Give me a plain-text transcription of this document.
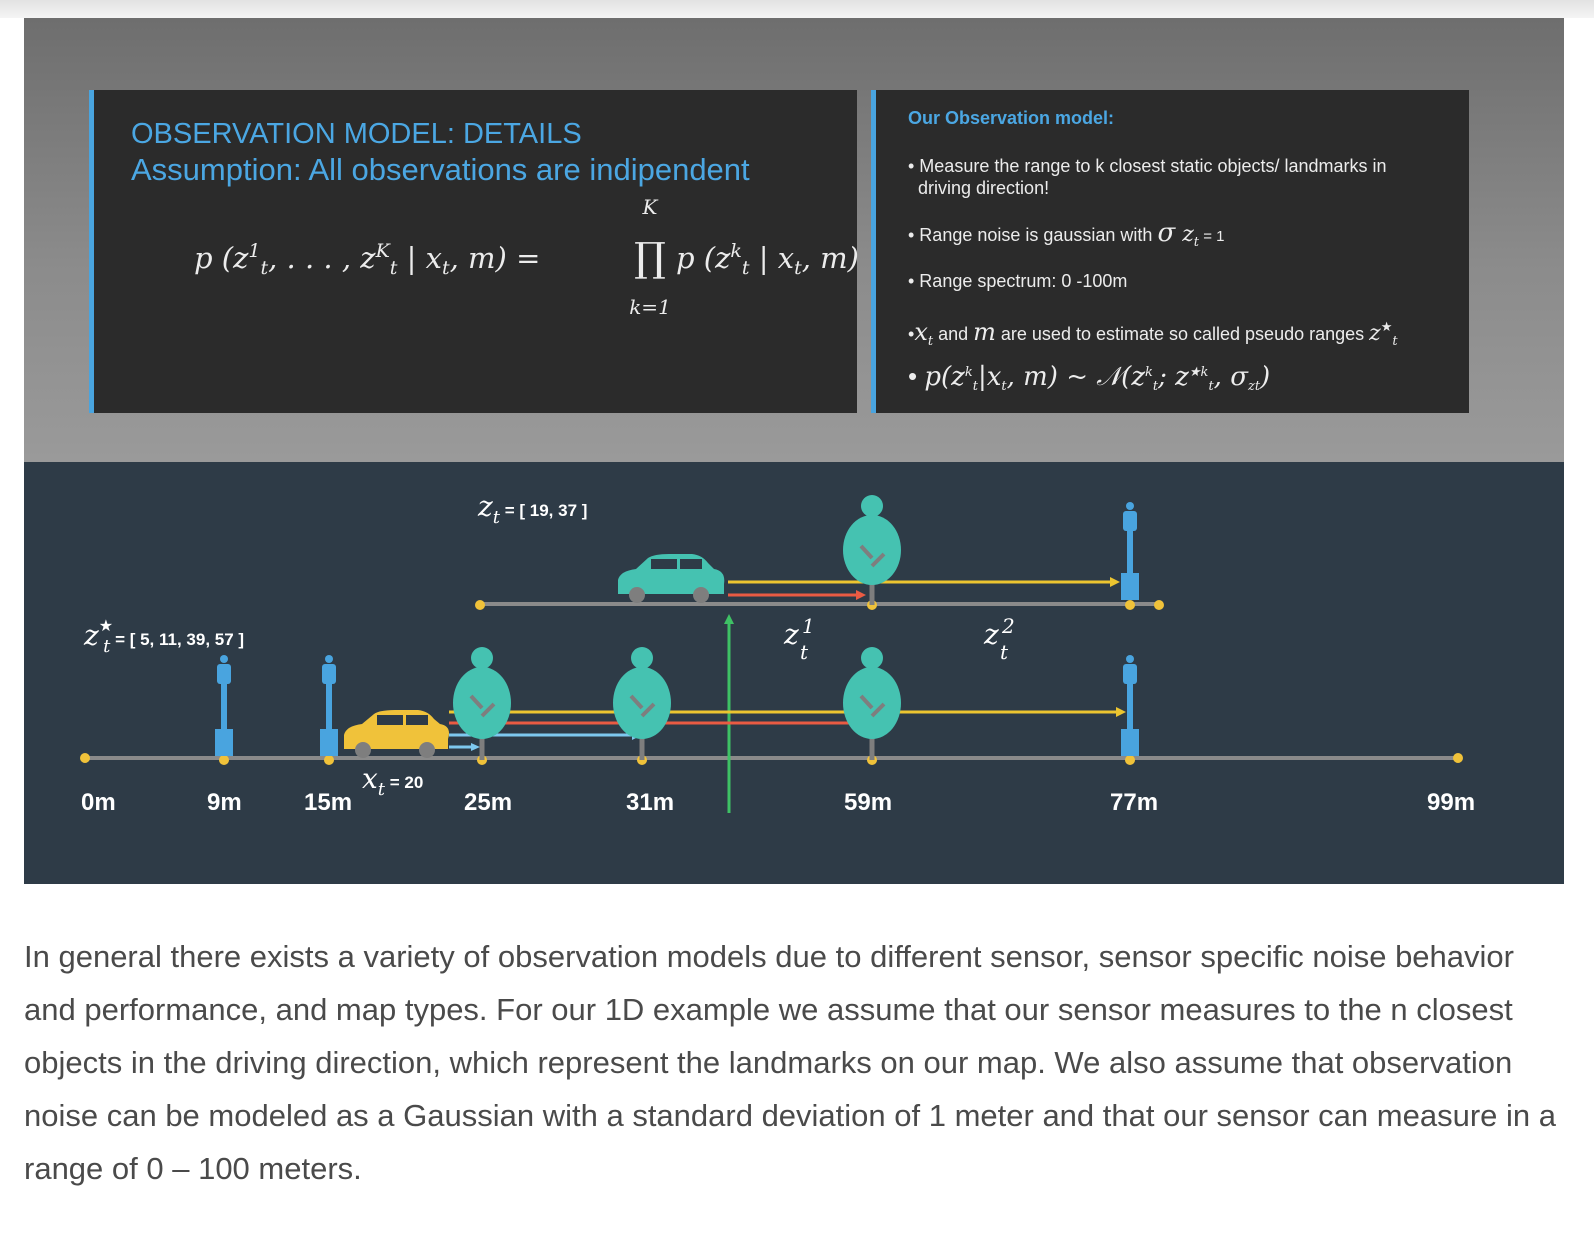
OBSERVATION MODEL: DETAILS
Assumption: All observations are indipendent
p ($z^1_t$, . . . , $z^K_t$ | $x_t$, m) =
K
∏
k=1
p ($z^k_t$ | $x_t$, m)
Our Observation model:
• Measure the range to k closest static objects/ landmarks in
driving direction!
• Range noise is gaussian with σ $z_t = 1$
• Range spectrum: 0 -100m
$•x_t$ and m are used to estimate so called pseudo ranges $z^★_t$
• $p(z^kt|xt$, m) ~ $𝒩(z^kt$; $z^{★k}t$, σzt)
$z_t$ = [ 19, 37 ]
$z^★_t$ = [ 5, 11, 39, 57 ]
$x_t = 20$
z 1
t
z 2
t
0m	9m	15m	25m	31m	59m	77m	99m
In general there exists a variety of observation models due to different sensor, sensor specific noise behavior and performance, and map types. For our 1D example we assume that our sensor measures to the n closest objects in the driving direction, which represent the landmarks on our map. We also assume that observation noise can be modeled as a Gaussian with a standard deviation of 1 meter and that our sensor can measure in a range of 0 – 100 meters.
